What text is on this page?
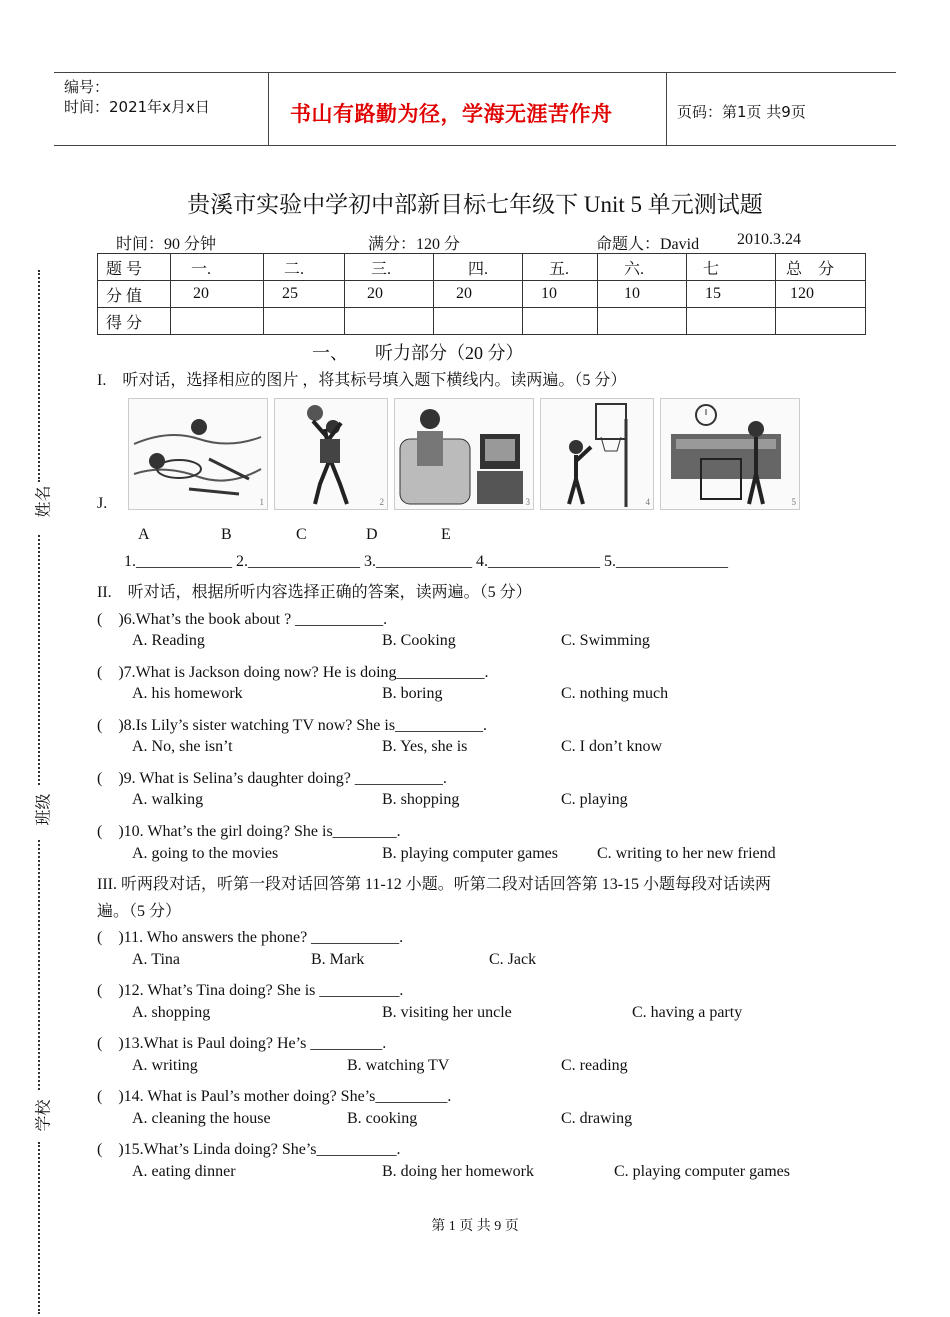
编号：
时间：2021年x月x日	书山有路勤为径，学海无涯苦作舟	页码：第1页 共9页
贵溪市实验中学初中部新目标七年级下 Unit 5 单元测试题
时间：90 分钟	满分：120 分	命题人：David 2010.3.24
题 号	一.	二.	三.	四.	五.	六.	七	总　分
分 值	20	25	20	20	10	10	15	120
得 分								
一、　　听力部分（20 分）
I.　听对话，选择相应的图片 ，将其标号填入题下横线内。读两遍。（5 分）
1	2	3	4	5
J.
A	B	C	D	E
1.____________ 2.______________ 3.____________ 4.______________ 5.______________
II.　听对话，根据所听内容选择正确的答案，读两遍。（5 分）
(　)6.What’s the book about ? ___________.
A. Reading	B. Cooking	C. Swimming
(　)7.What is Jackson doing now? He is doing___________.
A. his homework	B. boring	C. nothing much
(　)8.Is Lily’s sister watching TV now? She is___________.
A. No, she isn’t	B. Yes, she is	C. I don’t know
(　)9. What is Selina’s daughter doing? ___________.
A. walking	B. shopping	C. playing
(　)10. What’s the girl doing? She is________.
A. going to the movies	B. playing computer games C. writing to her new friend
III. 听两段对话，听第一段对话回答第 11-12 小题。听第二段对话回答第 13-15 小题每段对话读两
遍。（5 分）
(　)11. Who answers the phone? ___________.
A. Tina	B. Mark	C. Jack
(　)12. What’s Tina doing? She is __________.
A. shopping	B. visiting her uncle	C. having a party
(　)13.What is Paul doing? He’s _________.
A. writing	B. watching TV	C. reading
(　)14. What is Paul’s mother doing? She’s_________.
A. cleaning the house	B. cooking	C. drawing
(　)15.What’s Linda doing? She’s__________.
A. eating dinner	B. doing her homework	C. playing computer games
姓名
班级
学校
第 1 页 共 9 页
